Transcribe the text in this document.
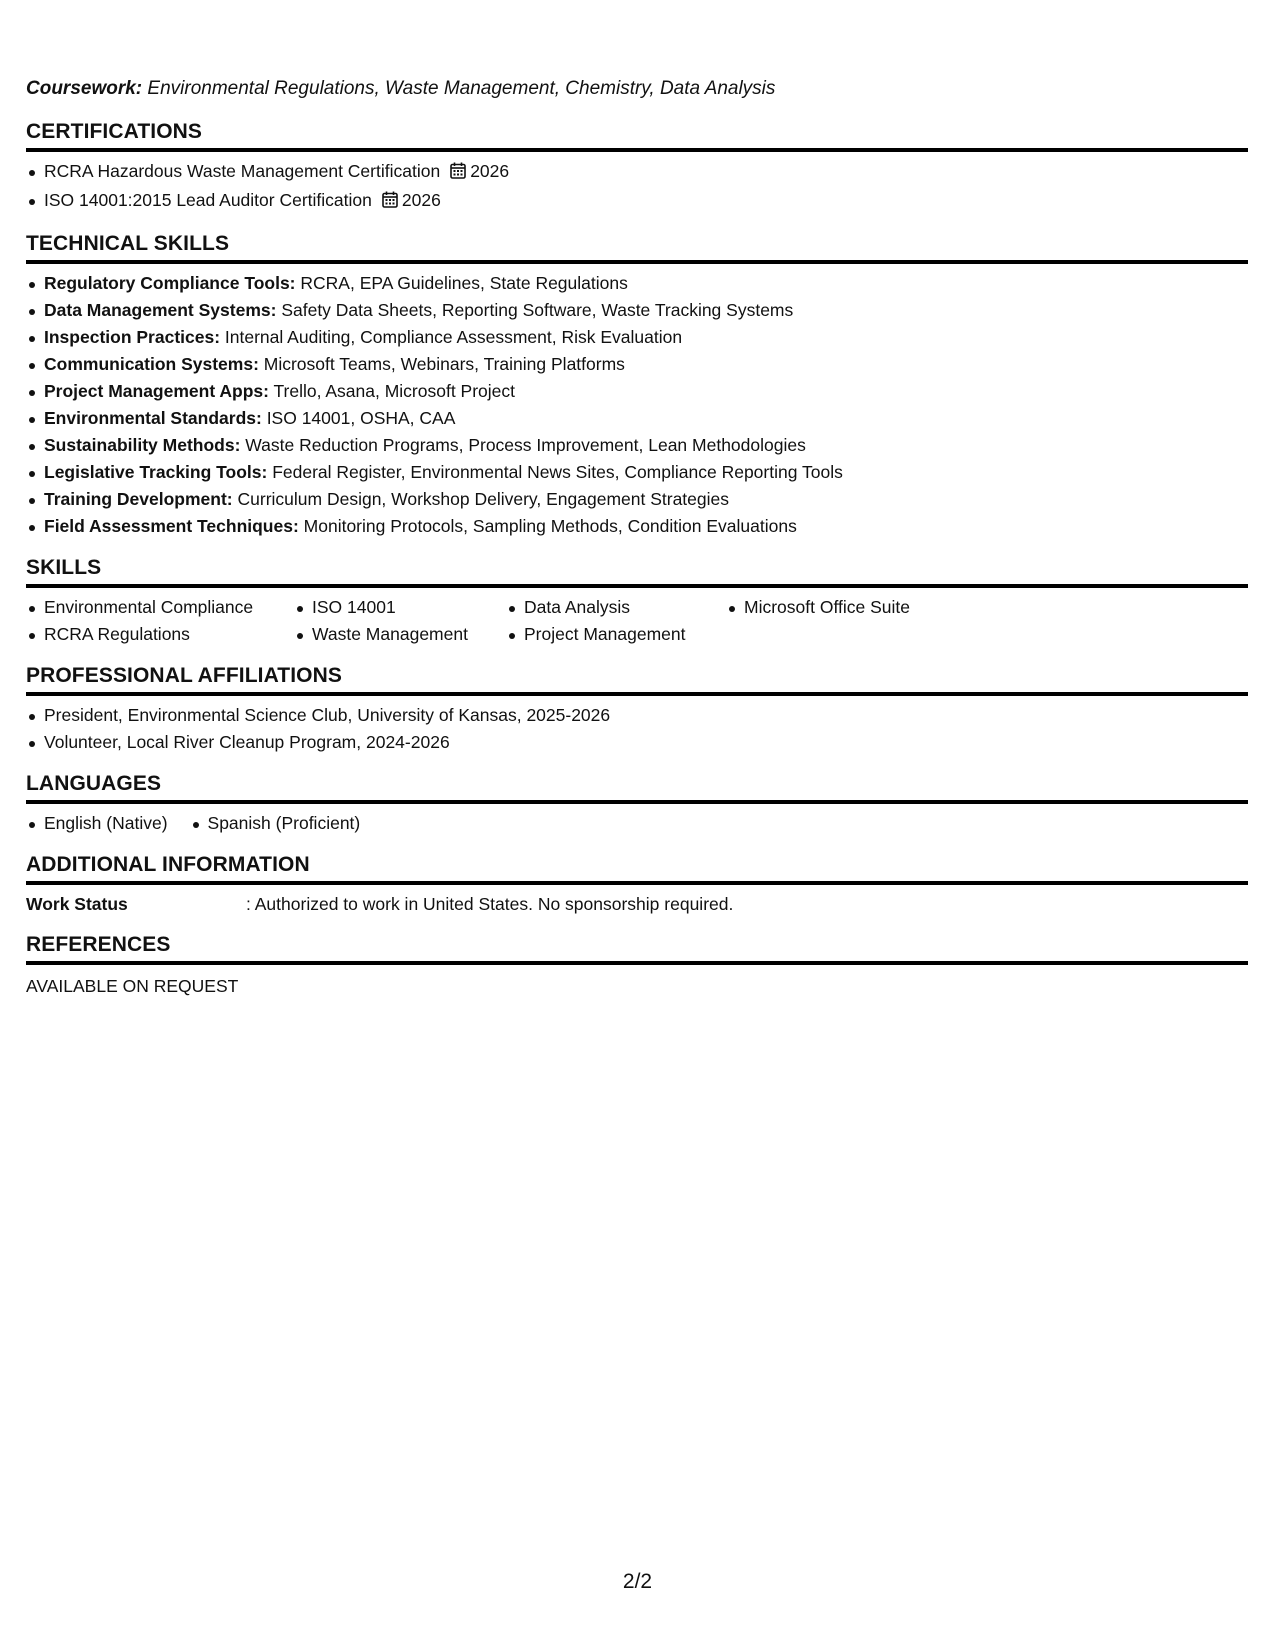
Coursework: Environmental Regulations, Waste Management, Chemistry, Data Analysis
CERTIFICATIONS
RCRA Hazardous Waste Management Certification 2026
ISO 14001:2015 Lead Auditor Certification 2026
TECHNICAL SKILLS
Regulatory Compliance Tools: RCRA, EPA Guidelines, State Regulations
Data Management Systems: Safety Data Sheets, Reporting Software, Waste Tracking Systems
Inspection Practices: Internal Auditing, Compliance Assessment, Risk Evaluation
Communication Systems: Microsoft Teams, Webinars, Training Platforms
Project Management Apps: Trello, Asana, Microsoft Project
Environmental Standards: ISO 14001, OSHA, CAA
Sustainability Methods: Waste Reduction Programs, Process Improvement, Lean Methodologies
Legislative Tracking Tools: Federal Register, Environmental News Sites, Compliance Reporting Tools
Training Development: Curriculum Design, Workshop Delivery, Engagement Strategies
Field Assessment Techniques: Monitoring Protocols, Sampling Methods, Condition Evaluations
SKILLS
Environmental Compliance
RCRA Regulations
ISO 14001
Waste Management
Data Analysis
Project Management
Microsoft Office Suite
PROFESSIONAL AFFILIATIONS
President, Environmental Science Club, University of Kansas, 2025-2026
Volunteer, Local River Cleanup Program, 2024-2026
LANGUAGES
English (Native)	Spanish (Proficient)
ADDITIONAL INFORMATION
Work Status	: Authorized to work in United States. No sponsorship required.
REFERENCES
AVAILABLE ON REQUEST
2/2
